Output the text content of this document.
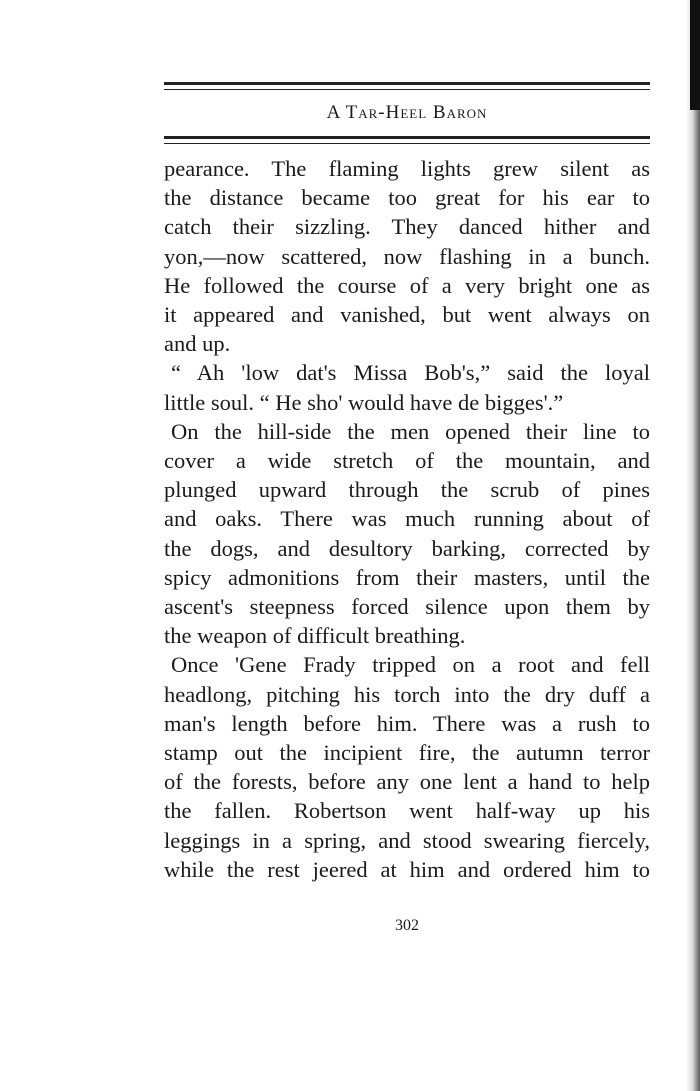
A Tar-Heel Baron

pearance. The flaming lights grew silent as
the distance became too great for his ear to
catch their sizzling. They danced hither and
yon,—now scattered, now flashing in a bunch.
He followed the course of a very bright one as
it appeared and vanished, but went always on

and up.

“ Ah 'low dat's Missa Bob's,” said the loyal

little soul. “ He sho' would have de bigges'.”

On the hill-side the men opened their line to

cover a wide stretch of the mountain, and
plunged upward through the scrub of pines
and oaks. There was much running about of
the dogs, and desultory barking, corrected by
spicy admonitions from their masters, until the
ascent's steepness forced silence upon them by

the weapon of difficult breathing.

Once 'Gene Frady tripped on a root and fell

headlong, pitching his torch into the dry duff a
man's length before him. There was a rush to
stamp out the incipient fire, the autumn terror
of the forests, before any one lent a hand to help
the fallen. Robertson went half-way up his
leggings in a spring, and stood swearing fiercely,
while the rest jeered at him and ordered him to

302
